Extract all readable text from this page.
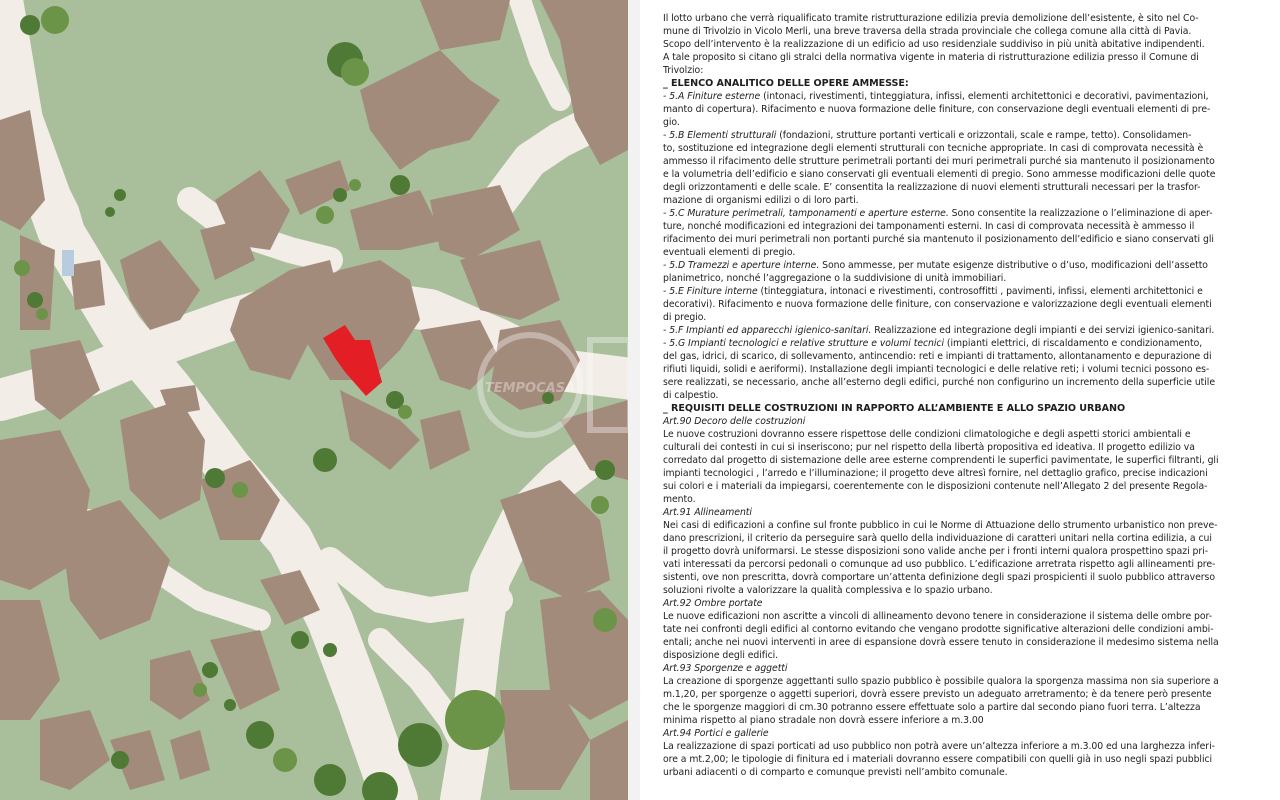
TEMPOCASA

Il lotto urbano che verrà riqualificato tramite ristrutturazione edilizia previa demolizione dell’esistente, è sito nel Co-

mune di Trivolzio in Vicolo Merli, una breve traversa della strada provinciale che collega comune alla città di Pavia.

Scopo dell’intervento è la realizzazione di un edificio ad uso residenziale suddiviso in più unità abitative indipendenti.

A tale proposito si citano gli stralci della normativa vigente in materia di ristrutturazione edilizia presso il Comune di

Trivolzio:

_ ELENCO ANALITICO DELLE OPERE AMMESSE:

- 5.A Finiture esterne (intonaci, rivestimenti, tinteggiatura, infissi, elementi architettonici e decorativi, pavimentazioni,

manto di copertura). Rifacimento e nuova formazione delle finiture, con conservazione degli eventuali elementi di pre-

gio.

- 5.B Elementi strutturali (fondazioni, strutture portanti verticali e orizzontali, scale e rampe, tetto). Consolidamen-

to, sostituzione ed integrazione degli elementi strutturali con tecniche appropriate. In casi di comprovata necessità è

ammesso il rifacimento delle strutture perimetrali portanti dei muri perimetrali purché sia mantenuto il posizionamento

e la volumetria dell’edificio e siano conservati gli eventuali elementi di pregio. Sono ammesse modificazioni delle quote

degli orizzontamenti e delle scale. E’ consentita la realizzazione di nuovi elementi strutturali necessari per la trasfor-

mazione di organismi edilizi o di loro parti.

- 5.C Murature perimetrali, tamponamenti e aperture esterne. Sono consentite la realizzazione o l’eliminazione di aper-

ture, nonché modificazioni ed integrazioni dei tamponamenti esterni. In casi di comprovata necessità è ammesso il

rifacimento dei muri perimetrali non portanti purché sia mantenuto il posizionamento dell’edificio e siano conservati gli

eventuali elementi di pregio.

- 5.D Tramezzi e aperture interne. Sono ammesse, per mutate esigenze distributive o d’uso, modificazioni dell’assetto

planimetrico, nonché l’aggregazione o la suddivisione di unità immobiliari.

- 5.E Finiture interne (tinteggiatura, intonaci e rivestimenti, controsoffitti , pavimenti, infissi, elementi architettonici e

decorativi). Rifacimento e nuova formazione delle finiture, con conservazione e valorizzazione degli eventuali elementi

di pregio.

- 5.F Impianti ed apparecchi igienico-sanitari. Realizzazione ed integrazione degli impianti e dei servizi igienico-sanitari.

- 5.G Impianti tecnologici e relative strutture e volumi tecnici (impianti elettrici, di riscaldamento e condizionamento,

del gas, idrici, di scarico, di sollevamento, antincendio: reti e impianti di trattamento, allontanamento e depurazione di

rifiuti liquidi, solidi e aeriformi). Installazione degli impianti tecnologici e delle relative reti; i volumi tecnici possono es-

sere realizzati, se necessario, anche all’esterno degli edifici, purché non configurino un incremento della superficie utile

di calpestio.

_ REQUISITI DELLE COSTRUZIONI IN RAPPORTO ALL’AMBIENTE E ALLO SPAZIO URBANO

Art.90 Decoro delle costruzioni

Le nuove costruzioni dovranno essere rispettose delle condizioni climatologiche e degli aspetti storici ambientali e

culturali dei contesti in cui si inseriscono; pur nel rispetto della libertà propositiva ed ideativa. Il progetto edilizio va

corredato dal progetto di sistemazione delle aree esterne comprendenti le superfici pavimentate, le superfici filtranti, gli

impianti tecnologici , l’arredo e l’illuminazione; il progetto deve altresì fornire, nel dettaglio grafico, precise indicazioni

sui colori e i materiali da impiegarsi, coerentemente con le disposizioni contenute nell’Allegato 2 del presente Regola-

mento.

Art.91 Allineamenti

Nei casi di edificazioni a confine sul fronte pubblico in cui le Norme di Attuazione dello strumento urbanistico non preve-

dano prescrizioni, il criterio da perseguire sarà quello della individuazione di caratteri unitari nella cortina edilizia, a cui

il progetto dovrà uniformarsi. Le stesse disposizioni sono valide anche per i fronti interni qualora prospettino spazi pri-

vati interessati da percorsi pedonali o comunque ad uso pubblico. L’edificazione arretrata rispetto agli allineamenti pre-

sistenti, ove non prescritta, dovrà comportare un’attenta definizione degli spazi prospicienti il suolo pubblico attraverso

soluzioni rivolte a valorizzare la qualità complessiva e lo spazio urbano.

Art.92 Ombre portate

Le nuove edificazioni non ascritte a vincoli di allineamento devono tenere in considerazione il sistema delle ombre por-

tate nei confronti degli edifici al contorno evitando che vengano prodotte significative alterazioni delle condizioni ambi-

entali; anche nei nuovi interventi in aree di espansione dovrà essere tenuto in considerazione il medesimo sistema nella

disposizione degli edifici.

Art.93 Sporgenze e aggetti

La creazione di sporgenze aggettanti sullo spazio pubblico è possibile qualora la sporgenza massima non sia superiore a

m.1,20, per sporgenze o aggetti superiori, dovrà essere previsto un adeguato arretramento; è da tenere però presente

che le sporgenze maggiori di cm.30 potranno essere effettuate solo a partire dal secondo piano fuori terra. L’altezza

minima rispetto al piano stradale non dovrà essere inferiore a m.3.00

Art.94 Portici e gallerie

La realizzazione di spazi porticati ad uso pubblico non potrà avere un’altezza inferiore a m.3.00 ed una larghezza inferi-

ore a mt.2,00; le tipologie di finitura ed i materiali dovranno essere compatibili con quelli già in uso negli spazi pubblici

urbani adiacenti o di comparto e comunque previsti nell’ambito comunale.
